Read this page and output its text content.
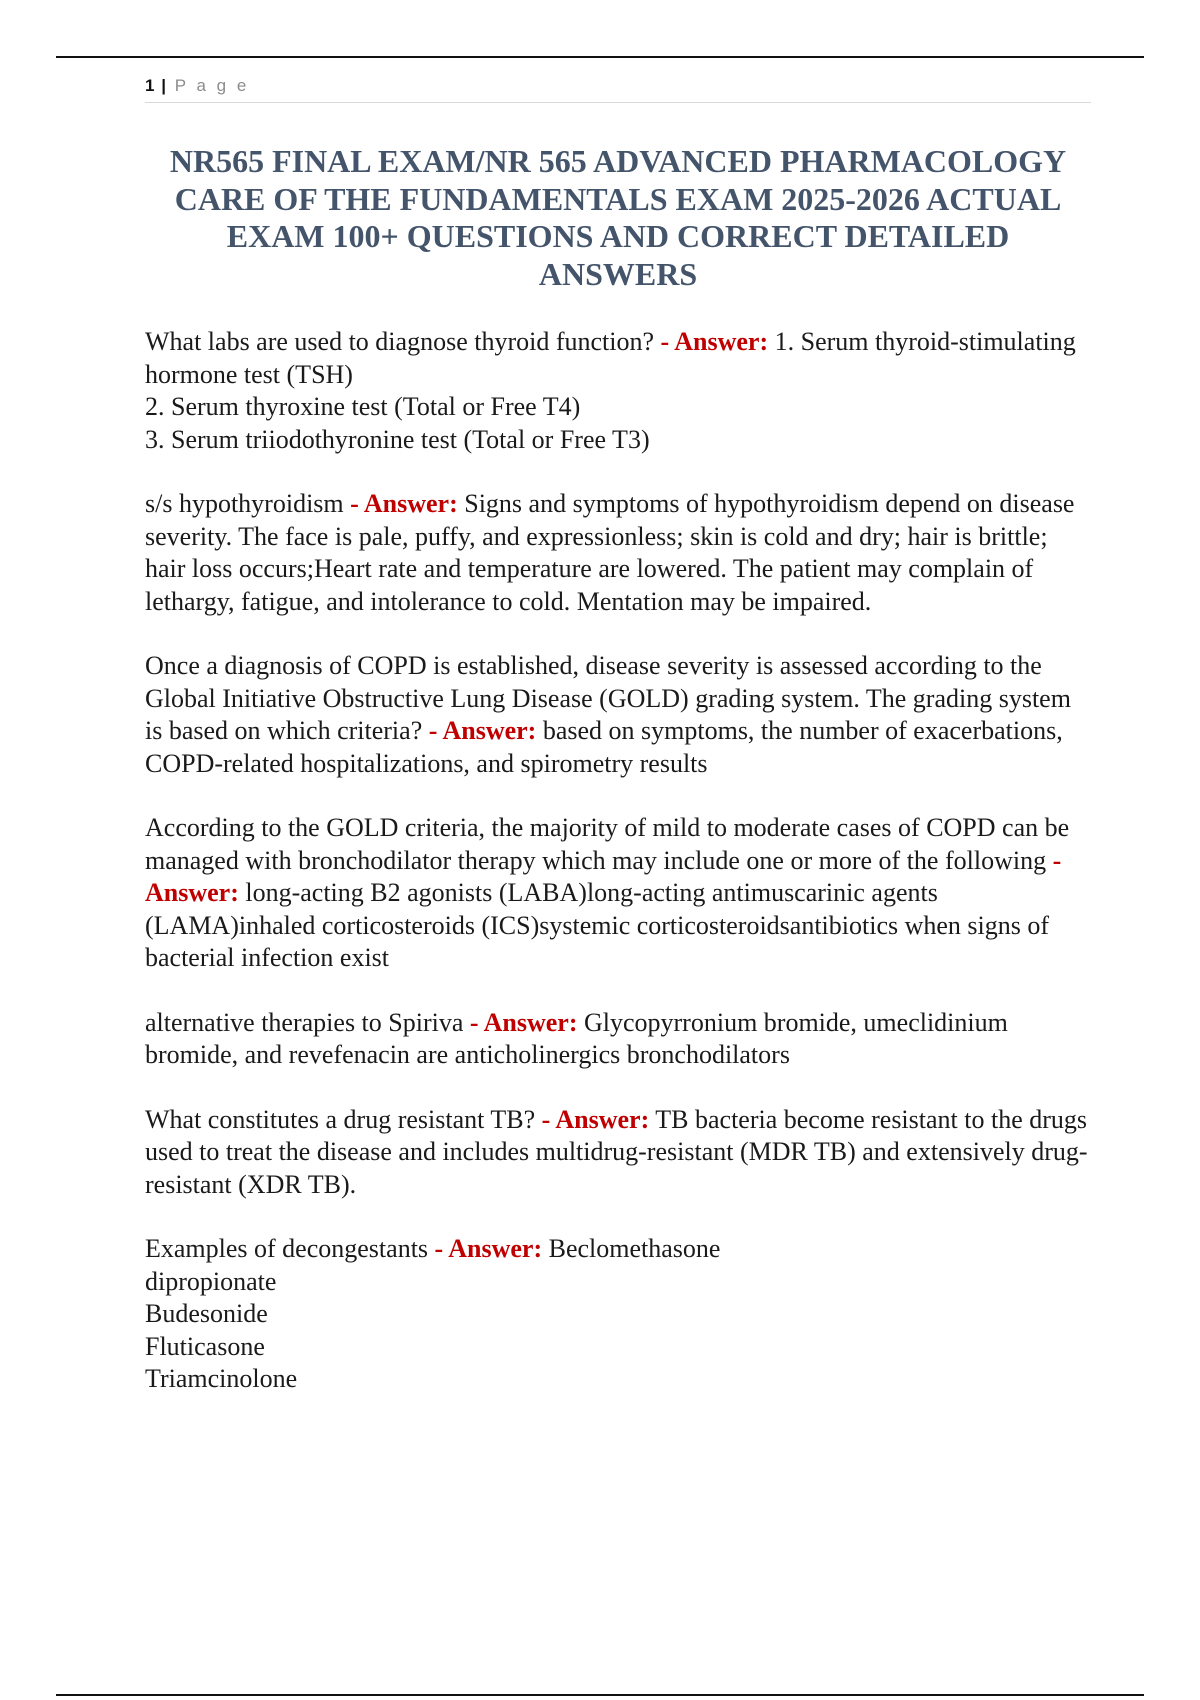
1 | P a g e
NR565 FINAL EXAM/NR 565 ADVANCED PHARMACOLOGY CARE OF THE FUNDAMENTALS EXAM 2025-2026 ACTUAL EXAM 100+ QUESTIONS AND CORRECT DETAILED ANSWERS

What labs are used to diagnose thyroid function? - Answer: 1. Serum thyroid-stimulating hormone test (TSH)

2. Serum thyroxine test (Total or Free T4)

3. Serum triiodothyronine test (Total or Free T3)

s/s hypothyroidism - Answer: Signs and symptoms of hypothyroidism depend on disease severity. The face is pale, puffy, and expressionless; skin is cold and dry; hair is brittle; hair loss occurs;Heart rate and temperature are lowered. The patient may complain of lethargy, fatigue, and intolerance to cold. Mentation may be impaired.

Once a diagnosis of COPD is established, disease severity is assessed according to the Global Initiative Obstructive Lung Disease (GOLD) grading system. The grading system is based on which criteria? - Answer: based on symptoms, the number of exacerbations, COPD-related hospitalizations, and spirometry results

According to the GOLD criteria, the majority of mild to moderate cases of COPD can be managed with bronchodilator therapy which may include one or more of the following - Answer: long-acting B2 agonists (LABA)long-acting antimuscarinic agents (LAMA)inhaled corticosteroids (ICS)systemic corticosteroidsantibiotics when signs of bacterial infection exist

alternative therapies to Spiriva - Answer: Glycopyrronium bromide, umeclidinium bromide, and revefenacin are anticholinergics bronchodilators

What constitutes a drug resistant TB? - Answer: TB bacteria become resistant to the drugs used to treat the disease and includes multidrug-resistant (MDR TB) and extensively drug-resistant (XDR TB).

Examples of decongestants - Answer: Beclomethasone

dipropionate

Budesonide

Fluticasone

Triamcinolone
